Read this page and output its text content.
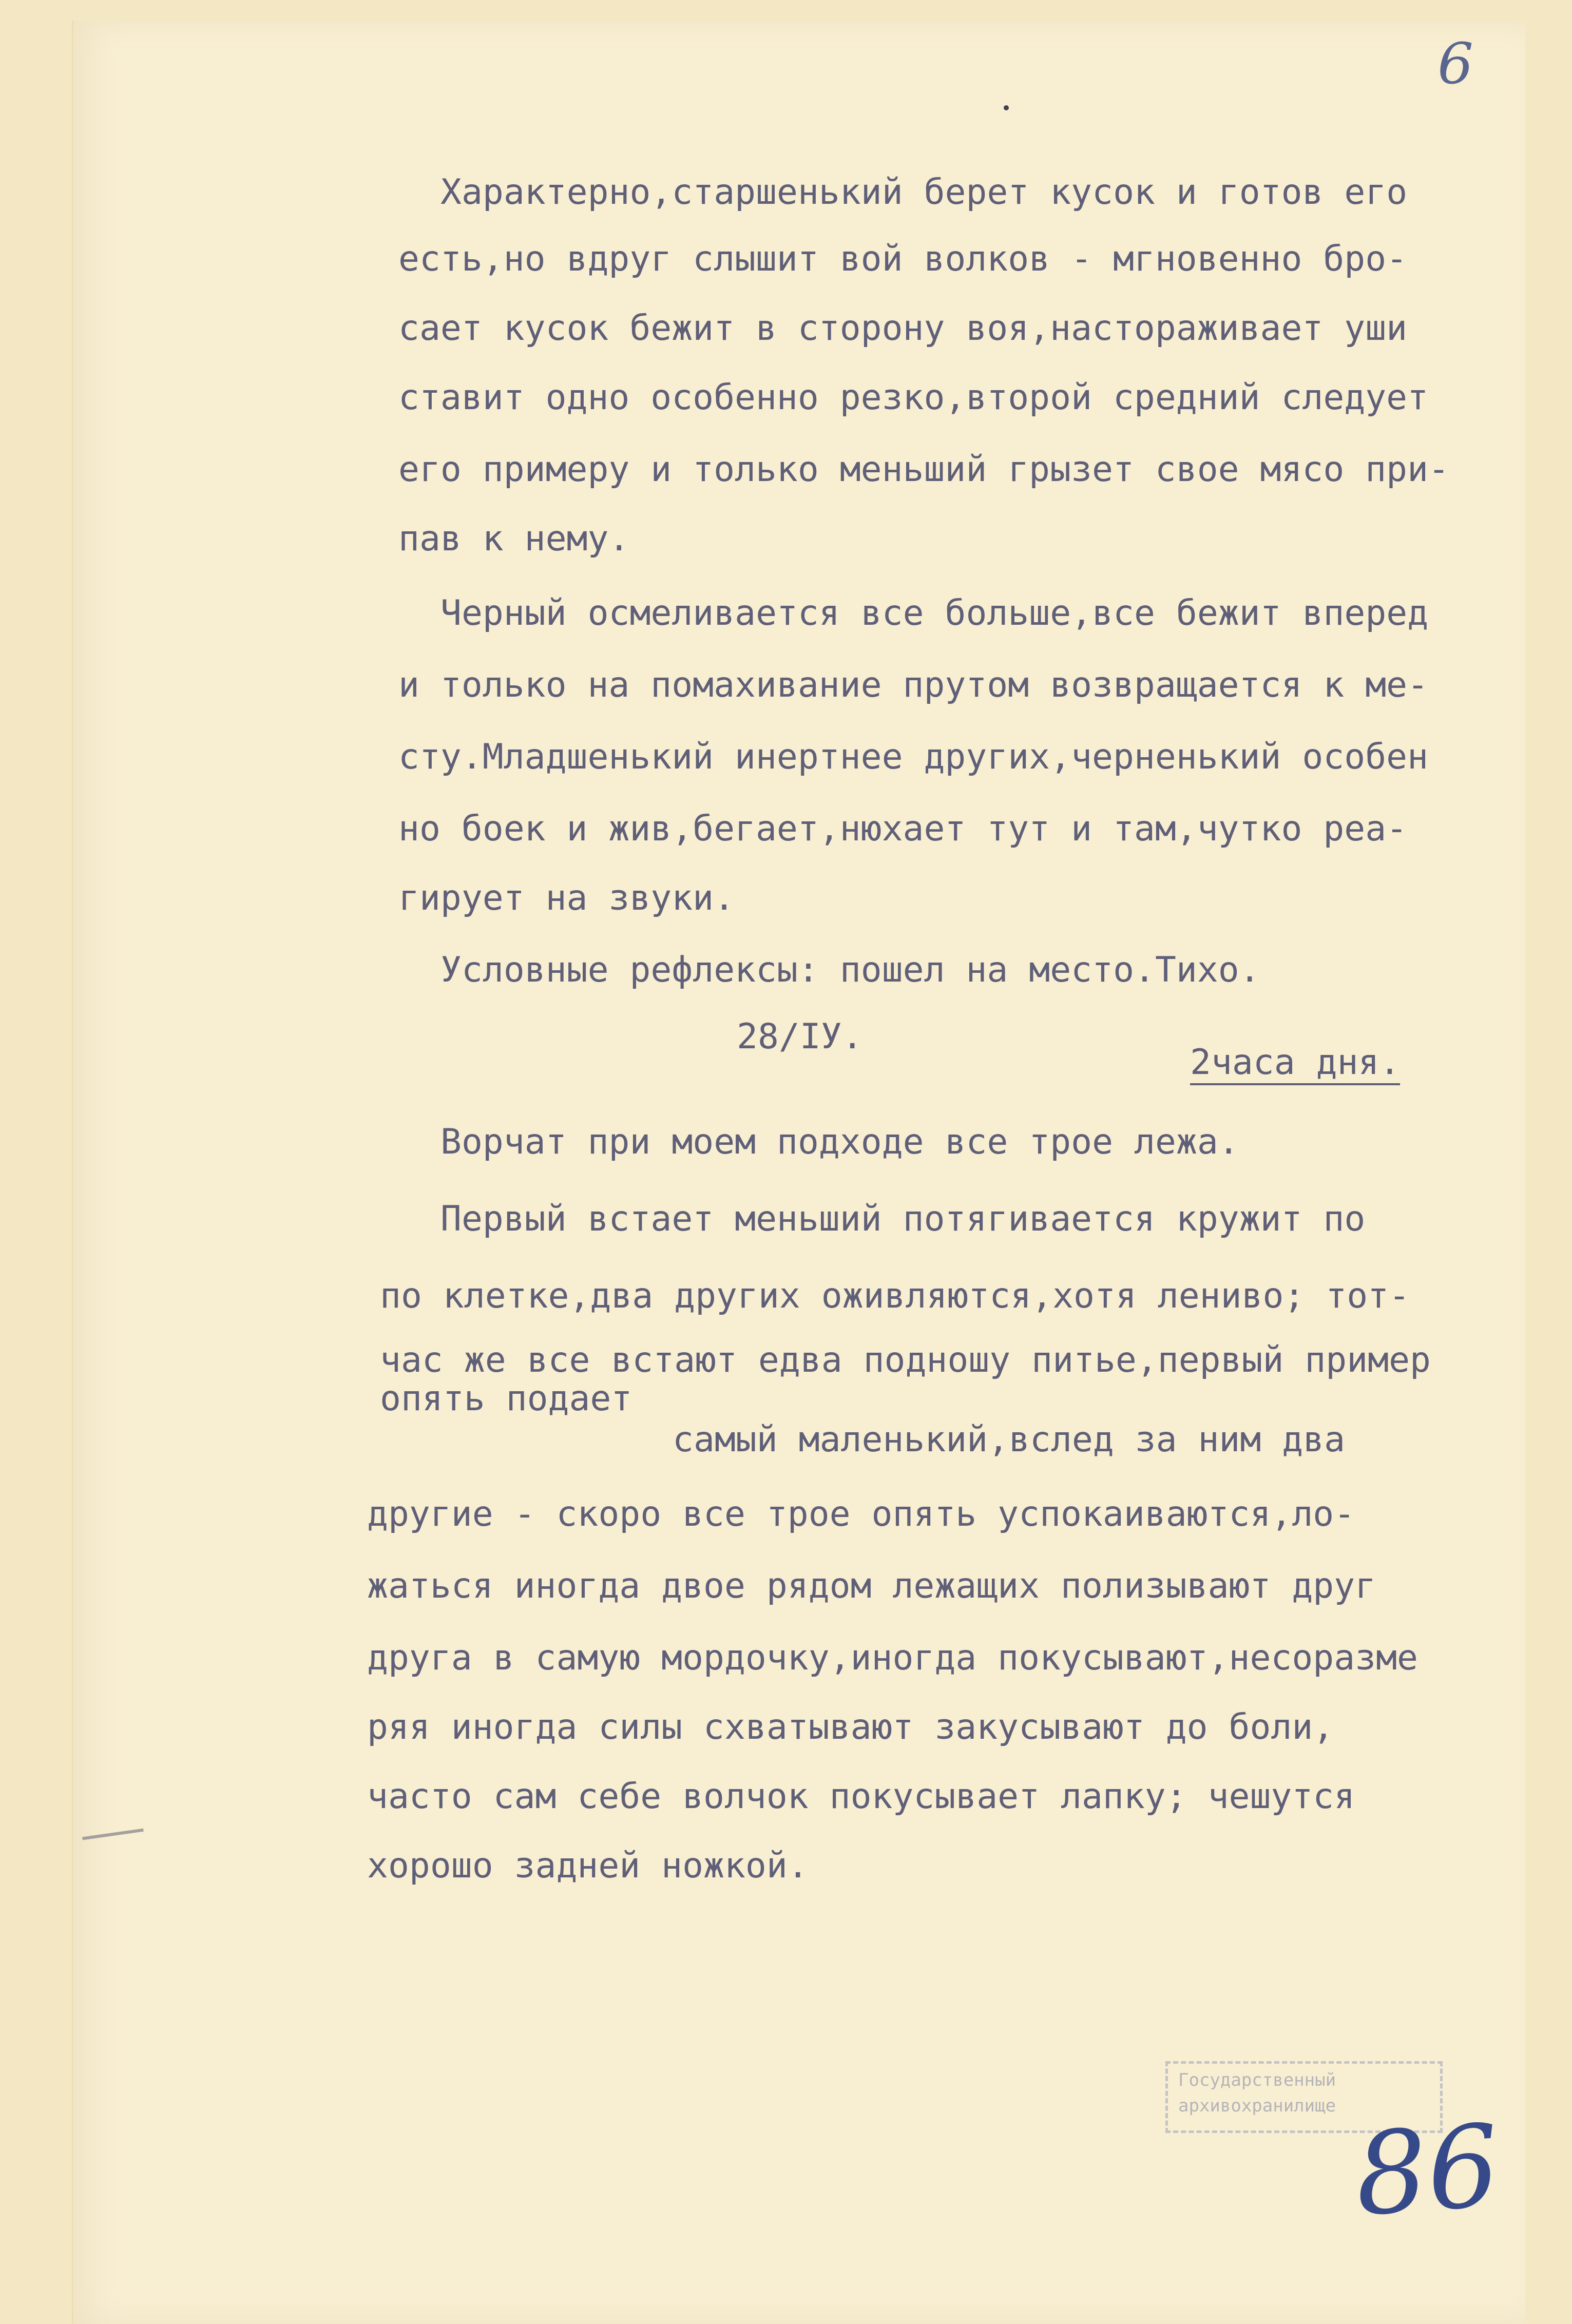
6
Характерно,старшенький берет кусок и готов его
есть,но вдруг слышит вой волков - мгновенно бро-
сает кусок бежит в сторону воя,настораживает уши
ставит одно особенно резко,второй средний следует
его примеру и только меньший грызет свое мясо при-
пав к нему.
Черный осмеливается все больше,все бежит вперед
и только на помахивание прутом возвращается к ме-
сту.Младшенький инертнее других,черненький особен
но боек и жив,бегает,нюхает тут и там,чутко реа-
гирует на звуки.
Условные рефлексы: пошел на место.Тихо.
28/IУ.
2часа дня.
Ворчат при моем подходе все трое лежа.
Первый встает меньший потягивается кружит по
по клетке,два других оживляются,хотя лениво; тот-
час же все встают едва подношу питье,первый пример
опять подает
самый маленький,вслед за ним два
другие - скоро все трое опять успокаиваются,ло-
жаться иногда двое рядом лежащих полизывают друг
друга в самую мордочку,иногда покусывают,несоразме
ряя иногда силы схватывают закусывают до боли,
часто сам себе волчок покусывает лапку; чешутся
хорошо задней ножкой.
Государственный
архивохранилище 86
